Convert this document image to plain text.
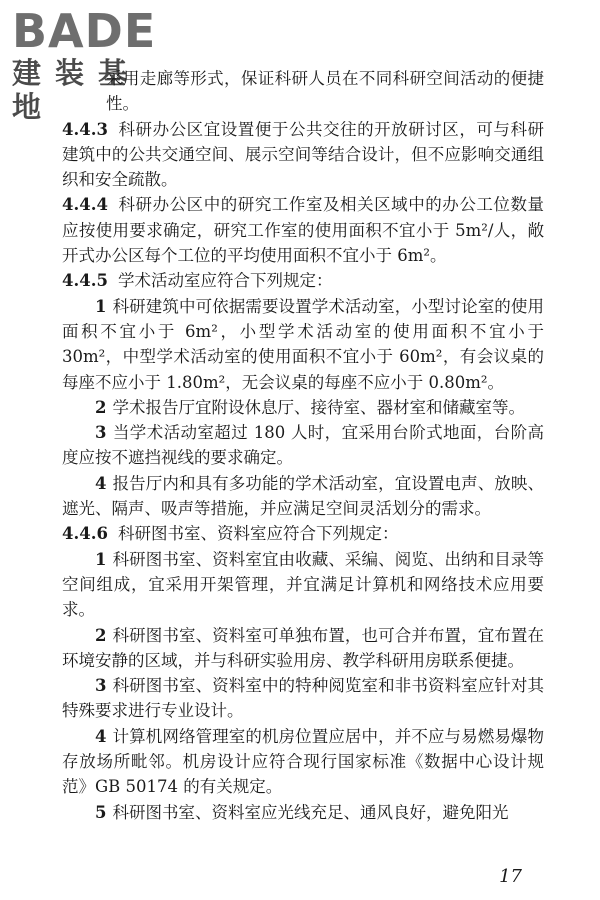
BADE
建装基地

采用走廊等形式，保证科研人员在不同科研空间活动的便捷性。

4.4.3 科研办公区宜设置便于公共交往的开放研讨区，可与科研建筑中的公共交通空间、展示空间等结合设计，但不应影响交通组织和安全疏散。

4.4.4 科研办公区中的研究工作室及相关区域中的办公工位数量应按使用要求确定，研究工作室的使用面积不宜小于 5m²/人，敞开式办公区每个工位的平均使用面积不宜小于 6m²。

4.4.5 学术活动室应符合下列规定：

1 科研建筑中可依据需要设置学术活动室，小型讨论室的使用面积不宜小于 6m²，小型学术活动室的使用面积不宜小于 30m²，中型学术活动室的使用面积不宜小于 60m²，有会议桌的每座不应小于 1.80m²，无会议桌的每座不应小于 0.80m²。

2 学术报告厅宜附设休息厅、接待室、器材室和储藏室等。

3 当学术活动室超过 180 人时，宜采用台阶式地面，台阶高度应按不遮挡视线的要求确定。

4 报告厅内和具有多功能的学术活动室，宜设置电声、放映、遮光、隔声、吸声等措施，并应满足空间灵活划分的需求。

4.4.6 科研图书室、资料室应符合下列规定：

1 科研图书室、资料室宜由收藏、采编、阅览、出纳和目录等空间组成，宜采用开架管理，并宜满足计算机和网络技术应用要求。

2 科研图书室、资料室可单独布置，也可合并布置，宜布置在环境安静的区域，并与科研实验用房、教学科研用房联系便捷。

3 科研图书室、资料室中的特种阅览室和非书资料室应针对其特殊要求进行专业设计。

4 计算机网络管理室的机房位置应居中，并不应与易燃易爆物存放场所毗邻。机房设计应符合现行国家标准《数据中心设计规范》GB 50174 的有关规定。

5 科研图书室、资料室应光线充足、通风良好，避免阳光

17
